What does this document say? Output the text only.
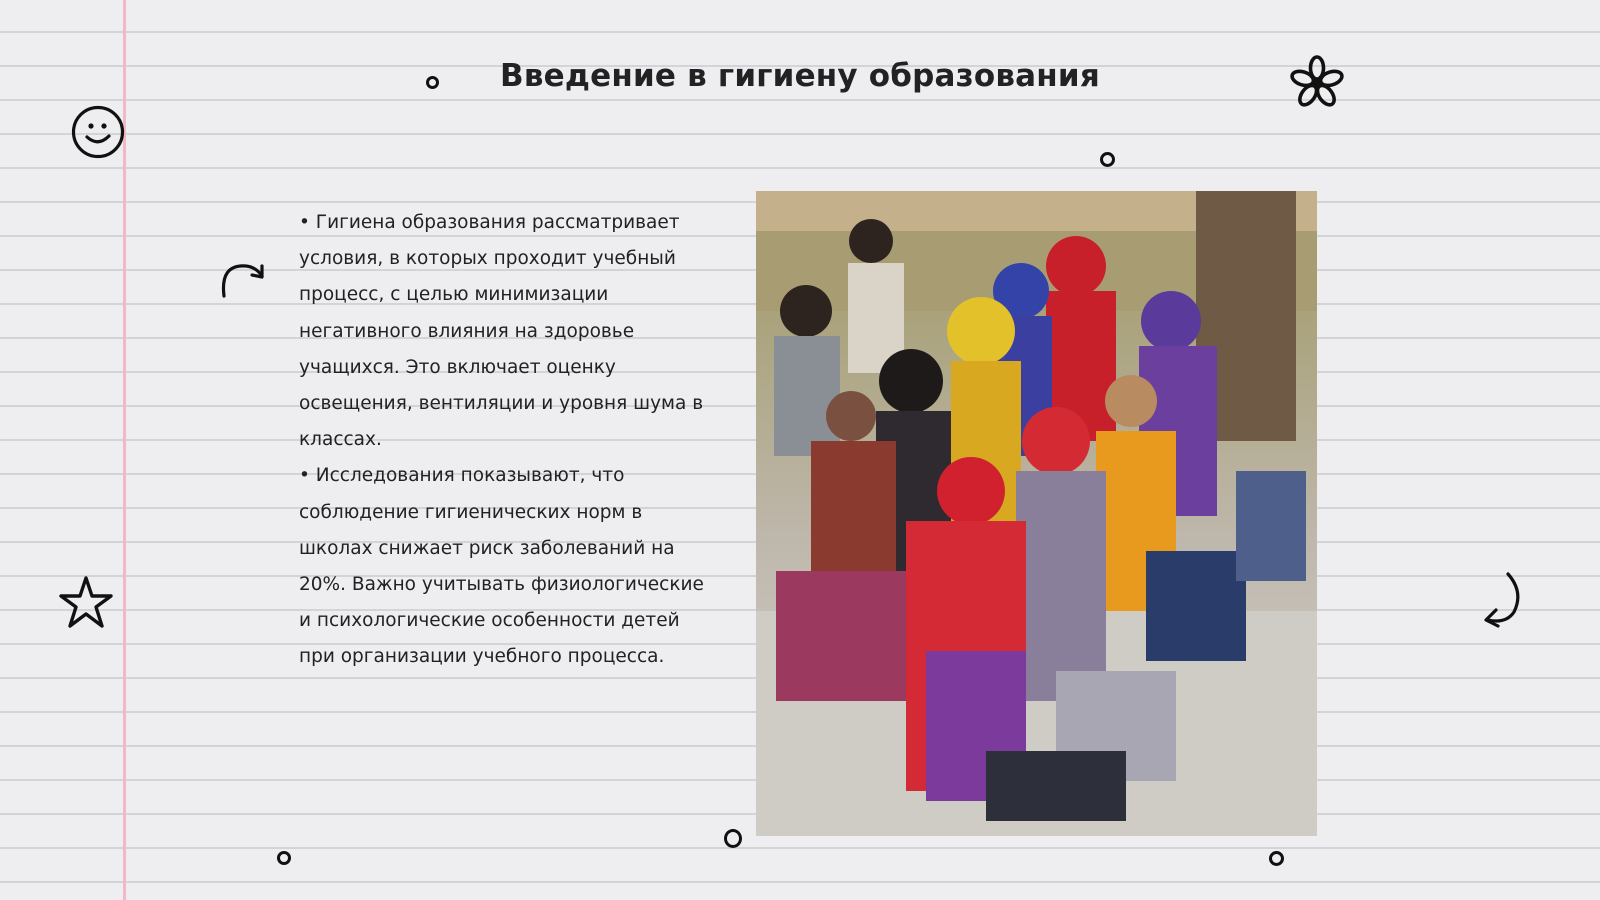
Введение в гигиену образования

• Гигиена образования рассматривает условия, в которых проходит учебный процесс, с целью минимизации негативного влияния на здоровье учащихся. Это включает оценку освещения, вентиляции и уровня шума в классах.

• Исследования показывают, что соблюдение гигиенических норм в школах снижает риск заболеваний на 20%. Важно учитывать физиологические и психологические особенности детей при организации учебного процесса.
